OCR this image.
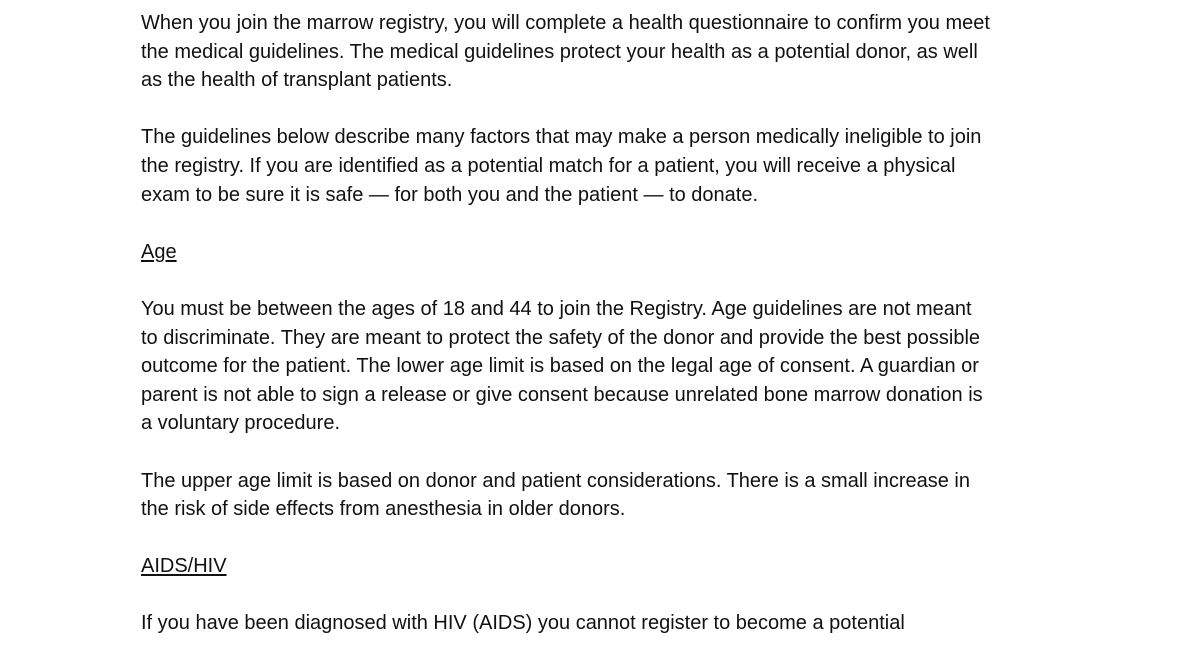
When you join the marrow registry, you will complete a health questionnaire to confirm you meet
the medical guidelines. The medical guidelines protect your health as a potential donor, as well
as the health of transplant patients.

The guidelines below describe many factors that may make a person medically ineligible to join
the registry. If you are identified as a potential match for a patient, you will receive a physical
exam to be sure it is safe — for both you and the patient — to donate.

Age

You must be between the ages of 18 and 44 to join the Registry. Age guidelines are not meant
to discriminate. They are meant to protect the safety of the donor and provide the best possible
outcome for the patient. The lower age limit is based on the legal age of consent. A guardian or
parent is not able to sign a release or give consent because unrelated bone marrow donation is
a voluntary procedure.

The upper age limit is based on donor and patient considerations. There is a small increase in
the risk of side effects from anesthesia in older donors.

AIDS/HIV

If you have been diagnosed with HIV (AIDS) you cannot register to become a potential
